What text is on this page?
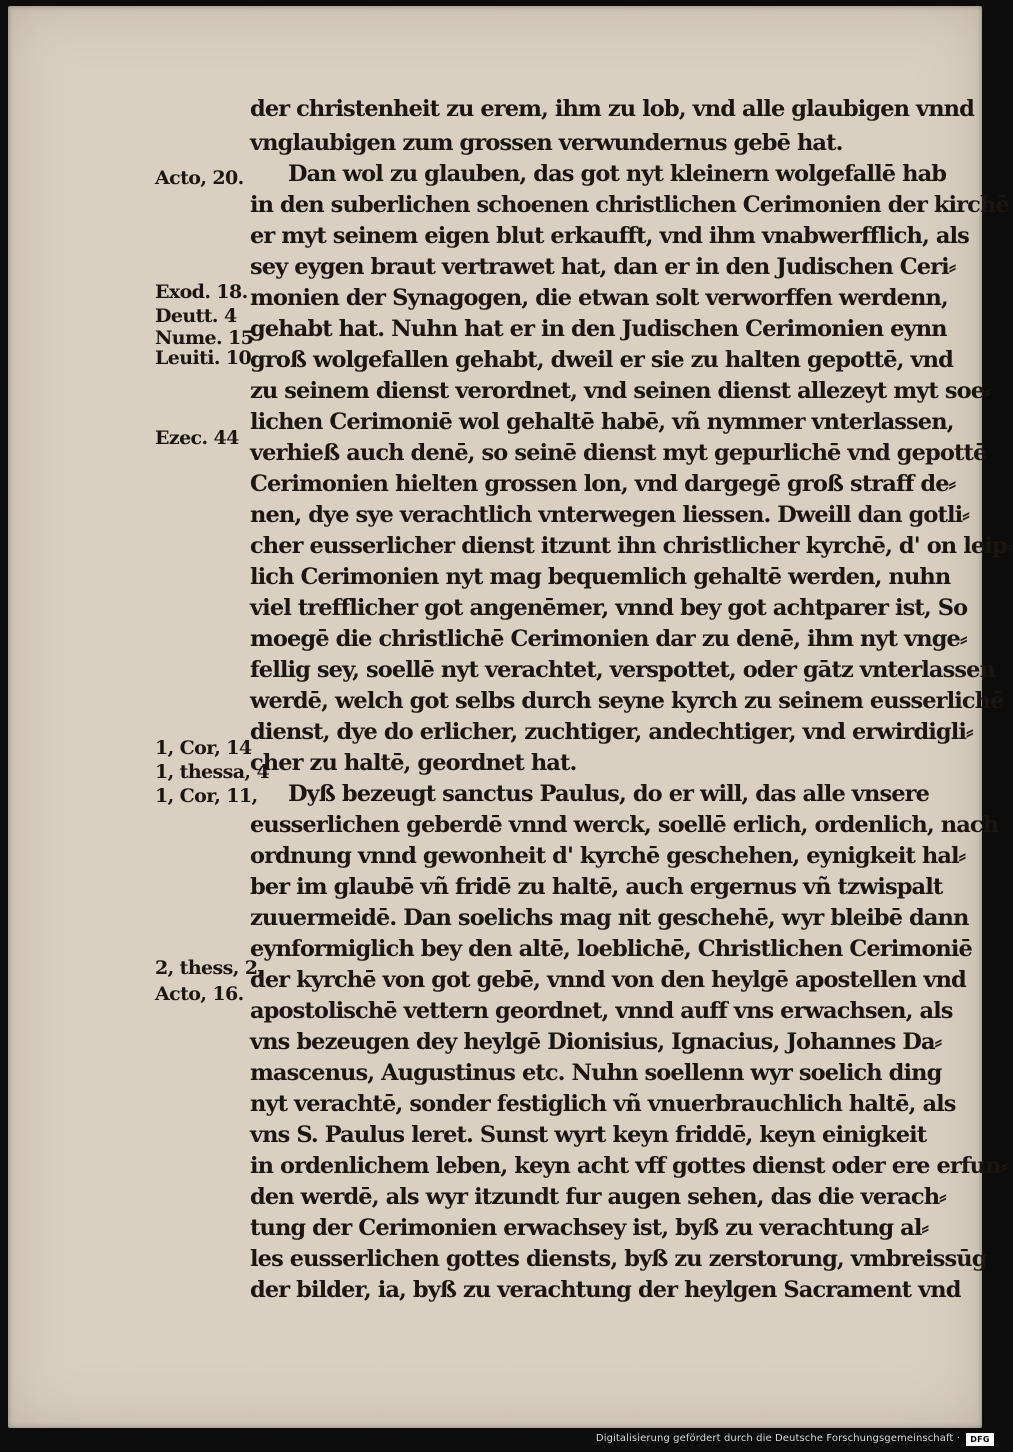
der christenheit zu erem, ihm zu lob, vnd alle glaubigen vnnd
vnglaubigen zum grossen verwundernus gebē hat.
Dan wol zu glauben, das got nyt kleinern wolgefallē hab
in den suberlichen schoenen christlichen Cerimonien der kirchē
er myt seinem eigen blut erkaufft, vnd ihm vnabwerfflich, als
sey eygen braut vertrawet hat, dan er in den Judischen Ceri⸗
monien der Synagogen, die etwan solt verworffen werdenn,
gehabt hat. Nuhn hat er in den Judischen Cerimonien eynn
groß wolgefallen gehabt, dweil er sie zu halten gepottē, vnd
zu seinem dienst verordnet, vnd seinen dienst allezeyt myt soe⸗
lichen Cerimoniē wol gehaltē habē, vñ nymmer vnterlassen,
verhieß auch denē, so seinē dienst myt gepurlichē vnd gepottē
Cerimonien hielten grossen lon, vnd dargegē groß straff de⸗
nen, dye sye verachtlich vnterwegen liessen. Dweill dan gotli⸗
cher eusserlicher dienst itzunt ihn christlicher kyrchē, d' on leip⸗
lich Cerimonien nyt mag bequemlich gehaltē werden, nuhn
viel trefflicher got angenēmer, vnnd bey got achtparer ist, So
moegē die christlichē Cerimonien dar zu denē, ihm nyt vnge⸗
fellig sey, soellē nyt verachtet, verspottet, oder gātz vnterlassen
werdē, welch got selbs durch seyne kyrch zu seinem eusserlichē
dienst, dye do erlicher, zuchtiger, andechtiger, vnd erwirdigli⸗
cher zu haltē, geordnet hat.
Dyß bezeugt sanctus Paulus, do er will, das alle vnsere
eusserlichen geberdē vnnd werck, soellē erlich, ordenlich, nach
ordnung vnnd gewonheit d' kyrchē geschehen, eynigkeit hal⸗
ber im glaubē vñ fridē zu haltē, auch ergernus vñ tzwispalt
zuuermeidē. Dan soelichs mag nit geschehē, wyr bleibē dann
eynformiglich bey den altē, loeblichē, Christlichen Cerimoniē
der kyrchē von got gebē, vnnd von den heylgē apostellen vnd
apostolischē vettern geordnet, vnnd auff vns erwachsen, als
vns bezeugen dey heylgē Dionisius, Ignacius, Johannes Da⸗
mascenus, Augustinus etc. Nuhn soellenn wyr soelich ding
nyt verachtē, sonder festiglich vñ vnuerbrauchlich haltē, als
vns S. Paulus leret. Sunst wyrt keyn friddē, keyn einigkeit
in ordenlichem leben, keyn acht vff gottes dienst oder ere erfun⸗
den werdē, als wyr itzundt fur augen sehen, das die verach⸗
tung der Cerimonien erwachsey ist, byß zu verachtung al⸗
les eusserlichen gottes diensts, byß zu zerstorung, vmbreissūg
der bilder, ia, byß zu verachtung der heylgen Sacrament vnd
Acto, 20.
Exod. 18.
Deutt. 4
Nume. 15
Leuiti. 10
Ezec. 44
1, Cor, 14
1, thessa, 4
1, Cor, 11,
2, thess, 2,
Acto, 16.
Digitalisierung gefördert durch die Deutsche Forschungsgemeinschaft ·	DFG
